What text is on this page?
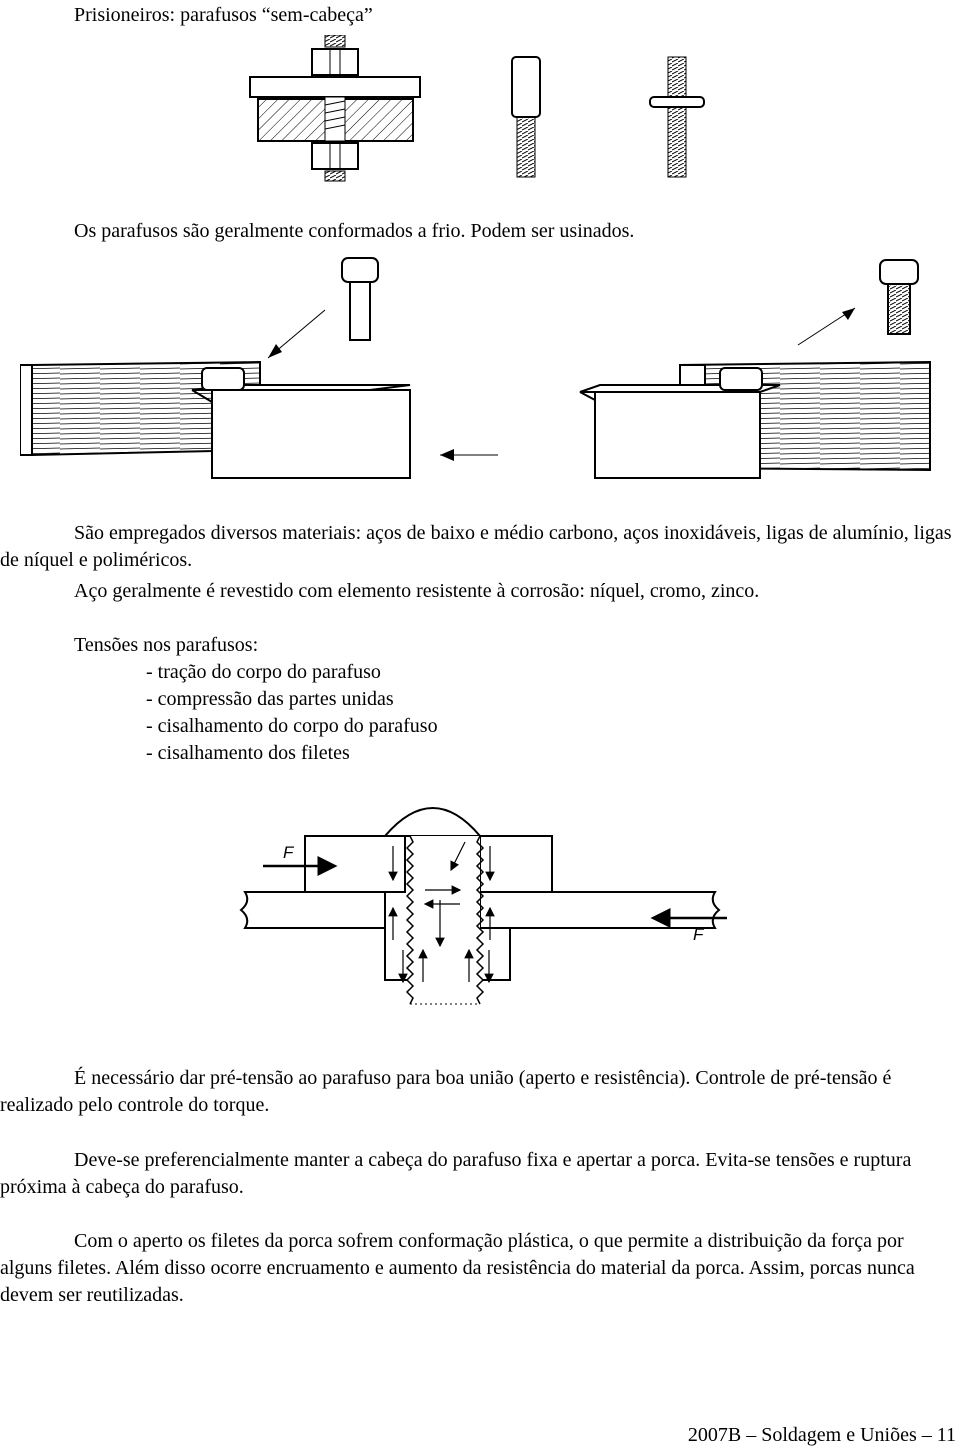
Prisioneiros: parafusos “sem-cabeça”
Os parafusos são geralmente conformados a frio. Podem ser usinados.
São empregados diversos materiais: aços de baixo e médio carbono, aços inoxidáveis, ligas de alumínio, ligas de níquel e poliméricos.
Aço geralmente é revestido com elemento resistente à corrosão: níquel, cromo, zinco.
Tensões nos parafusos:
- tração do corpo do parafuso
- compressão das partes unidas
- cisalhamento do corpo do parafuso
- cisalhamento dos filetes
F
F
É necessário dar pré-tensão ao parafuso para boa união (aperto e resistência). Controle de pré-tensão é realizado pelo controle do torque.
Deve-se preferencialmente manter a cabeça do parafuso fixa e apertar a porca. Evita-se tensões e ruptura próxima à cabeça do parafuso.
Com o aperto os filetes da porca sofrem conformação plástica, o que permite a distribuição da força por alguns filetes. Além disso ocorre encruamento e aumento da resistência do material da porca. Assim, porcas nunca devem ser reutilizadas.
2007B – Soldagem e Uniões – 11
